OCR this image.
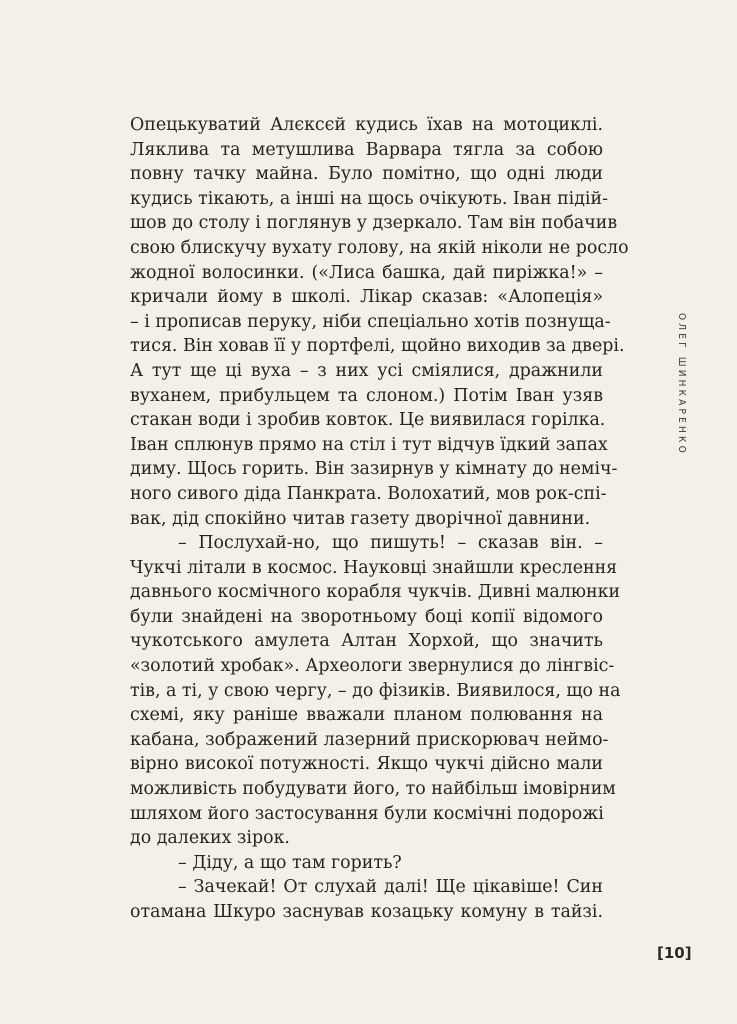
Опецькуватий Алєксєй кудись їхав на мотоциклі.
Ляклива та метушлива Варвара тягла за собою
повну тачку майна. Було помітно, що одні люди
кудись тікають, а інші на щось очікують. Іван підій-
шов до столу і поглянув у дзеркало. Там він побачив
свою блискучу вухату голову, на якій ніколи не росло
жодної волосинки. («Лиса башка, дай пиріжка!» –
кричали йому в школі. Лікар сказав: «Алопеція»
– і прописав перуку, ніби спеціально хотів познуща-
тися. Він ховав її у портфелі, щойно виходив за двері.
А тут ще ці вуха – з них усі сміялися, дражнили
вуханем, прибульцем та слоном.) Потім Іван узяв
стакан води і зробив ковток. Це виявилася горілка.
Іван сплюнув прямо на стіл і тут відчув їдкий запах
диму. Щось горить. Він зазирнув у кімнату до неміч-
ного сивого діда Панкрата. Волохатий, мов рок-спі-
вак, дід спокійно читав газету дворічної давнини.
– Послухай-но, що пишуть! – сказав він. –
Чукчі літали в космос. Науковці знайшли креслення
давнього космічного корабля чукчів. Дивні малюнки
були знайдені на зворотньому боці копії відомого
чукотського амулета Алтан Хорхой, що значить
«золотий хробак». Археологи звернулися до лінгвіс-
тів, а ті, у свою чергу, – до фізиків. Виявилося, що на
схемі, яку раніше вважали планом полювання на
кабана, зображений лазерний прискорювач неймо-
вірно високої потужності. Якщо чукчі дійсно мали
можливість побудувати його, то найбільш імовірним
шляхом його застосування були космічні подорожі
до далеких зірок.
– Діду, а що там горить?
– Зачекай! От слухай далі! Ще цікавіше! Син
отамана Шкуро заснував козацьку комуну в тайзі.
ОЛЕГ ШИНКАРЕНКО
[10]
